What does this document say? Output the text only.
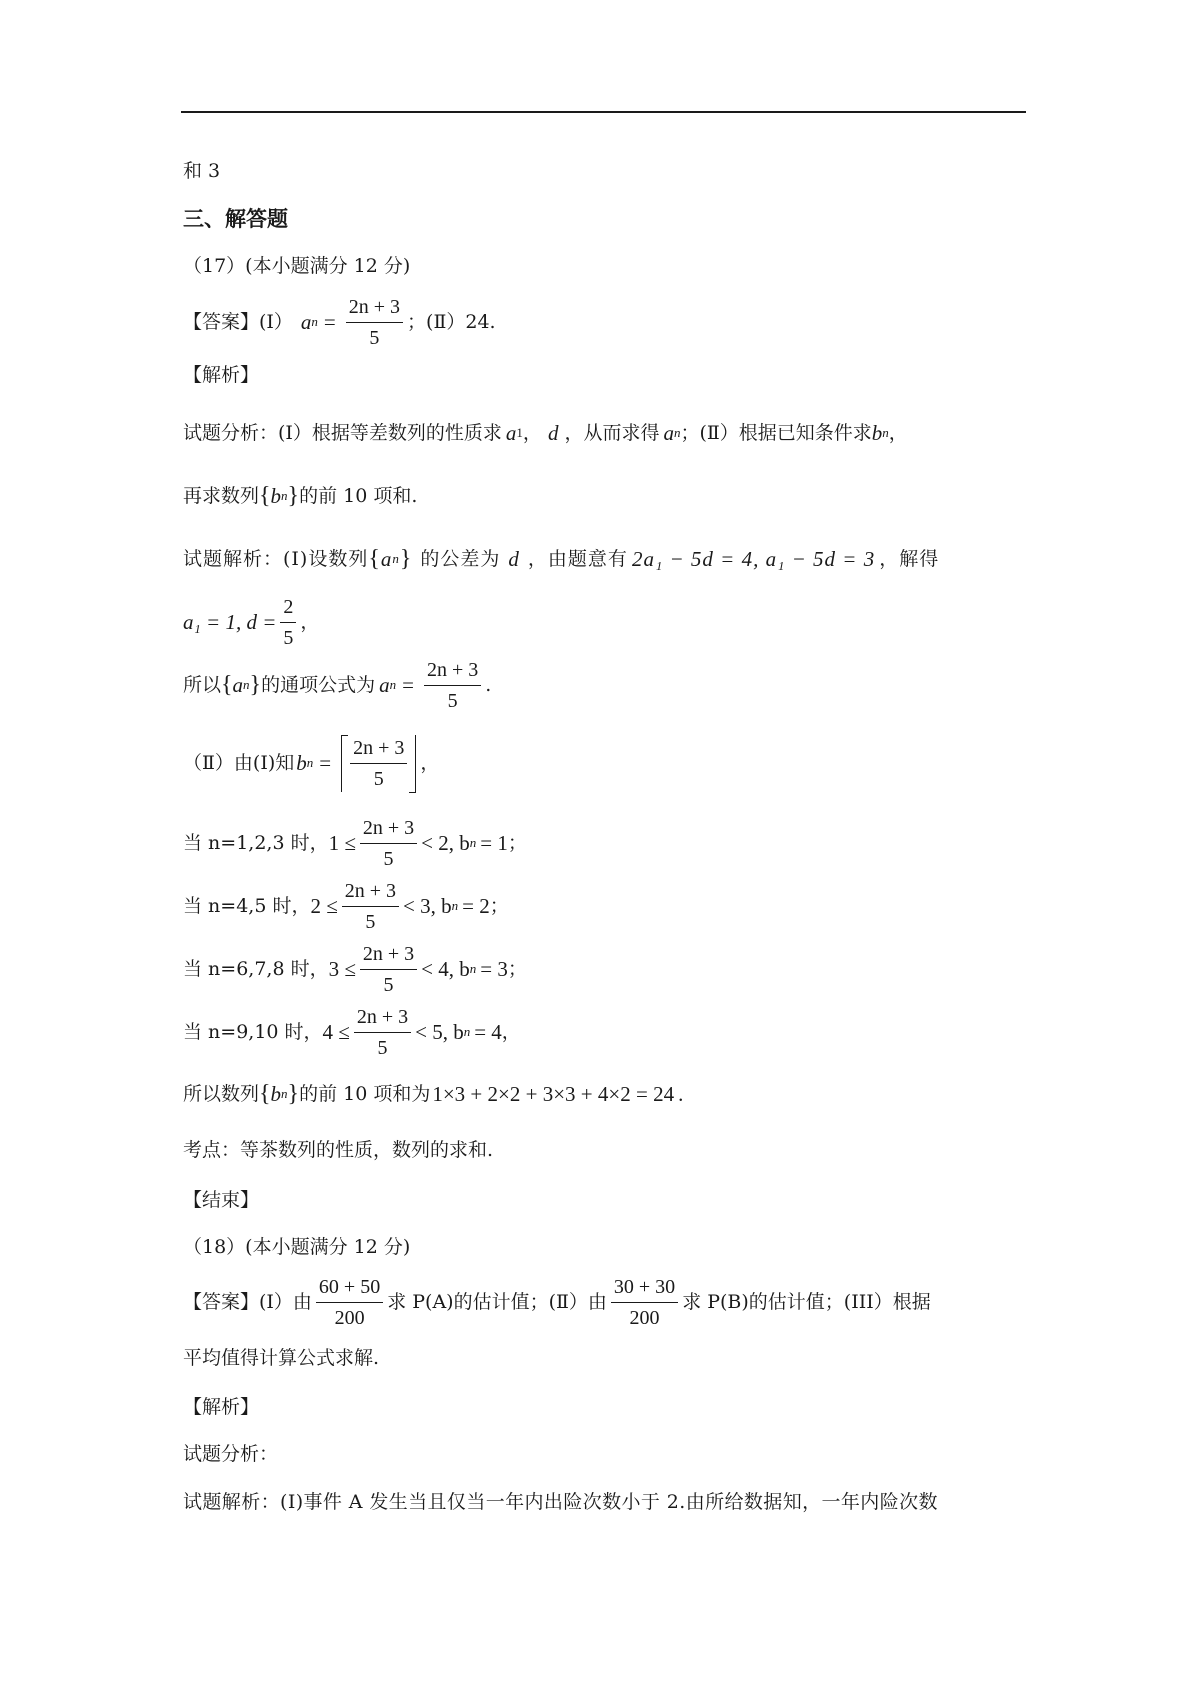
和 3
三、解答题
（17）(本小题满分 12 分)
【答案】(Ⅰ） a $n = \frac{2n + 3}{5}$ ；(Ⅱ）24.
【解析】
试题分析：(Ⅰ）根据等差数列的性质求 a 1 ， d ，从而求得 a n ；(Ⅱ）根据已知条件求 b n ，
再求数列 { b n } 的前 10 项和.
试题解析：(Ⅰ)设数列 { a n } 的公差为 d ，由题意有 2a₁ − 5d = 4, a₁ − 5d = 3 ，解得
a₁ = 1, $d = \frac{2}{5}$ ，
所以 { a n } 的通项公式为 a $n = \frac{2n + 3}{5}$ .
（Ⅱ）由(Ⅰ)知 b $n = \frac{2n + 3}{5}$ ，
当 n=1,2,3 时， $1 \le \frac{2n + 3}{5} < 2$, b n = 1 ；
当 n=4,5 时， $2 \le \frac{2n + 3}{5} < 3$, b n = 2 ；
当 n=6,7,8 时， $3 \le \frac{2n + 3}{5} < 4$, b n = 3 ；
当 n=9,10 时， $4 \le \frac{2n + 3}{5} < 5$, b n = 4 ，
所以数列 { b n } 的前 10 项和为 1×3 + 2×2 + 3×3 + 4×2 = 24 .
考点：等茶数列的性质，数列的求和.
【结束】
（18）(本小题满分 12 分)
【答案】(Ⅰ）由 $\frac{60 + 50}{200}$ 求 P(A)的估计值；(Ⅱ）由 $\frac{30 + 30}{200}$ 求 P(B)的估计值；(III）根据
平均值得计算公式求解.
【解析】
试题分析：
试题解析：(Ⅰ)事件 A 发生当且仅当一年内出险次数小于 2.由所给数据知，一年内险次数
